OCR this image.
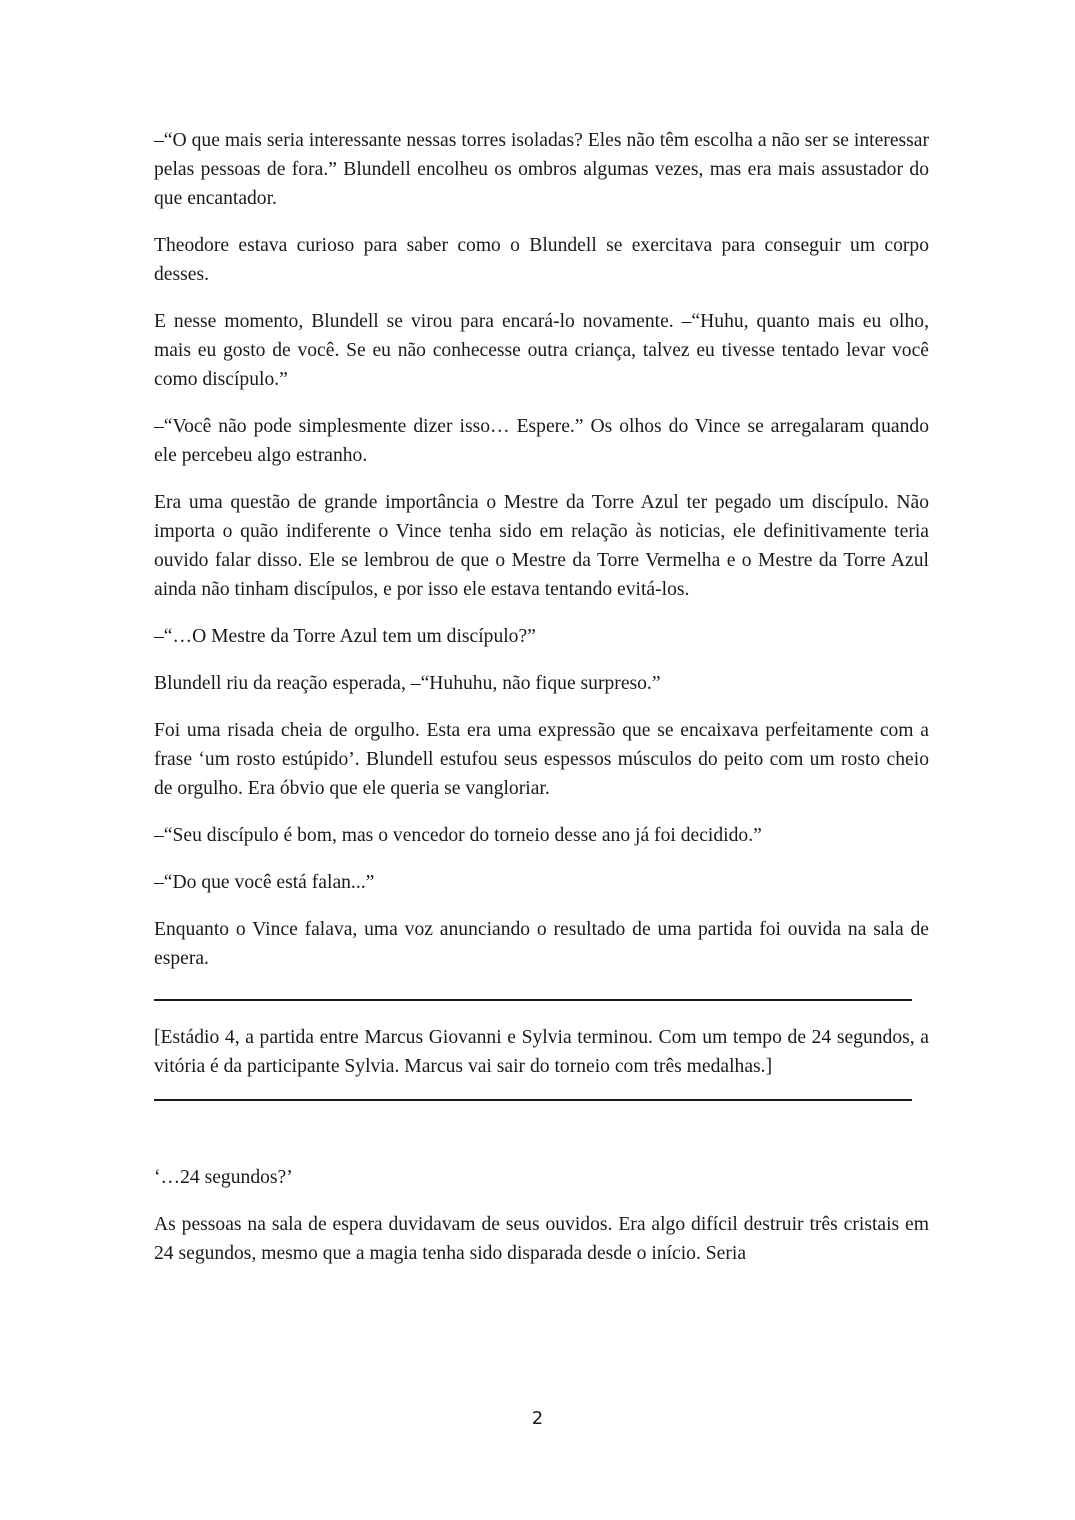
–“O que mais seria interessante nessas torres isoladas? Eles não têm escolha a não ser se interessar pelas pessoas de fora.” Blundell encolheu os ombros algumas vezes, mas era mais assustador do que encantador.

Theodore estava curioso para saber como o Blundell se exercitava para conseguir um corpo desses.

E nesse momento, Blundell se virou para encará-lo novamente. –“Huhu, quanto mais eu olho, mais eu gosto de você. Se eu não conhecesse outra criança, talvez eu tivesse tentado levar você como discípulo.”

–“Você não pode simplesmente dizer isso… Espere.” Os olhos do Vince se arregalaram quando ele percebeu algo estranho.

Era uma questão de grande importância o Mestre da Torre Azul ter pegado um discípulo. Não importa o quão indiferente o Vince tenha sido em relação às noticias, ele definitivamente teria ouvido falar disso. Ele se lembrou de que o Mestre da Torre Vermelha e o Mestre da Torre Azul ainda não tinham discípulos, e por isso ele estava tentando evitá-los.

–“…O Mestre da Torre Azul tem um discípulo?”

Blundell riu da reação esperada, –“Huhuhu, não fique surpreso.”

Foi uma risada cheia de orgulho. Esta era uma expressão que se encaixava perfeitamente com a frase ‘um rosto estúpido’. Blundell estufou seus espessos músculos do peito com um rosto cheio de orgulho. Era óbvio que ele queria se vangloriar.

–“Seu discípulo é bom, mas o vencedor do torneio desse ano já foi decidido.”

–“Do que você está falan...”

Enquanto o Vince falava, uma voz anunciando o resultado de uma partida foi ouvida na sala de espera.

[Estádio 4, a partida entre Marcus Giovanni e Sylvia terminou. Com um tempo de 24 segundos, a vitória é da participante Sylvia. Marcus vai sair do torneio com três medalhas.]

‘…24 segundos?’

As pessoas na sala de espera duvidavam de seus ouvidos. Era algo difícil destruir três cristais em 24 segundos, mesmo que a magia tenha sido disparada desde o início. Seria

2
